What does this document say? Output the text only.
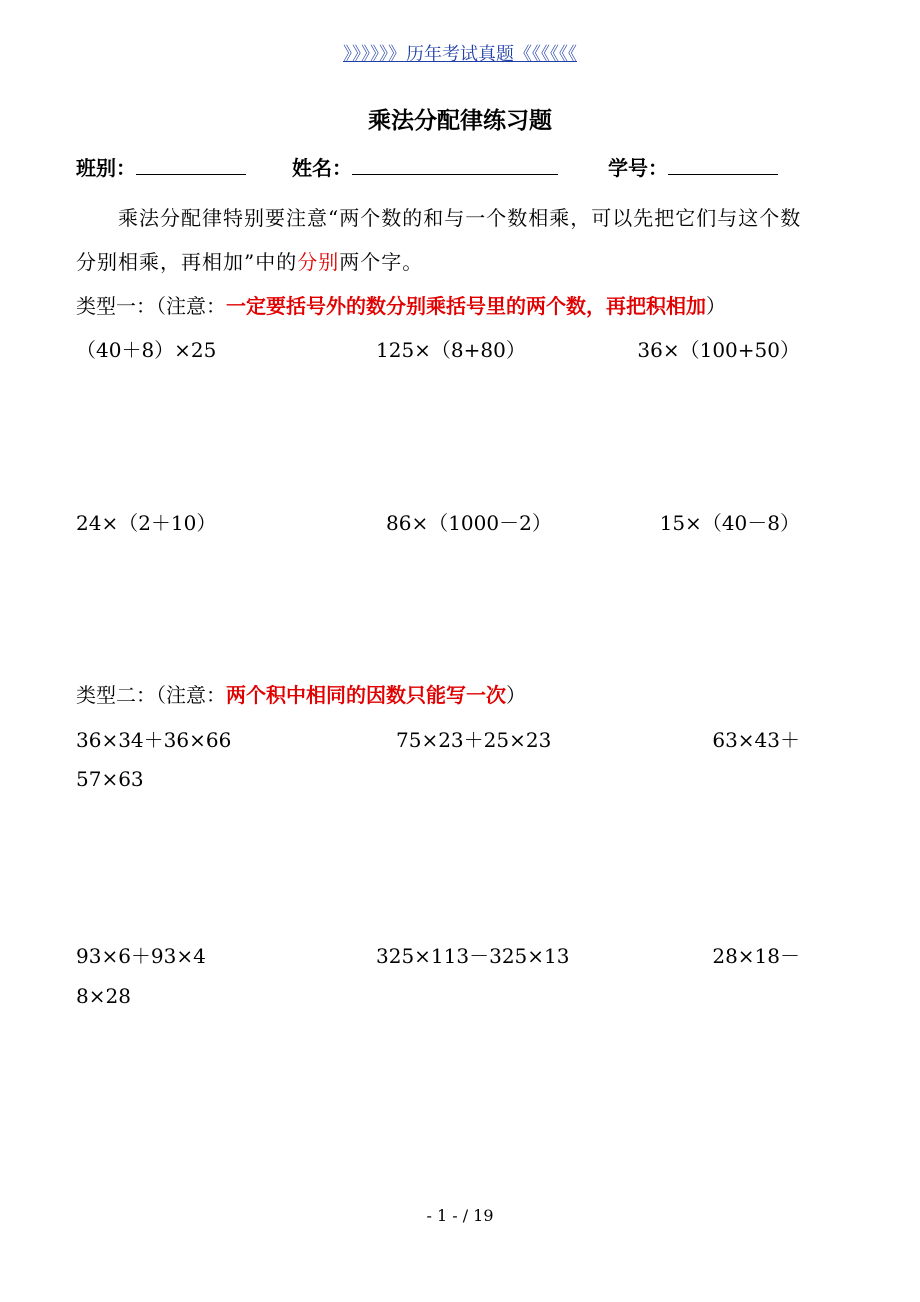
》》》》》》历年考试真题《《《《《《
乘法分配律练习题
班别：	姓名：	学号：
乘法分配律特别要注意“两个数的和与一个数相乘，可以先把它们与这个数分别相乘，再相加”中的分别两个字。
类型一：（注意：一定要括号外的数分别乘括号里的两个数，再把积相加）
（40＋8）×25	125×（8+80）	36×（100+50）
24×（2＋10）	86×（1000－2）	15×（40－8）
类型二：（注意：两个积中相同的因数只能写一次）
36×34＋36×66	75×23＋25×23	63×43＋
57×63
93×6＋93×4	325×113－325×13	28×18－
8×28
- 1 - / 19
